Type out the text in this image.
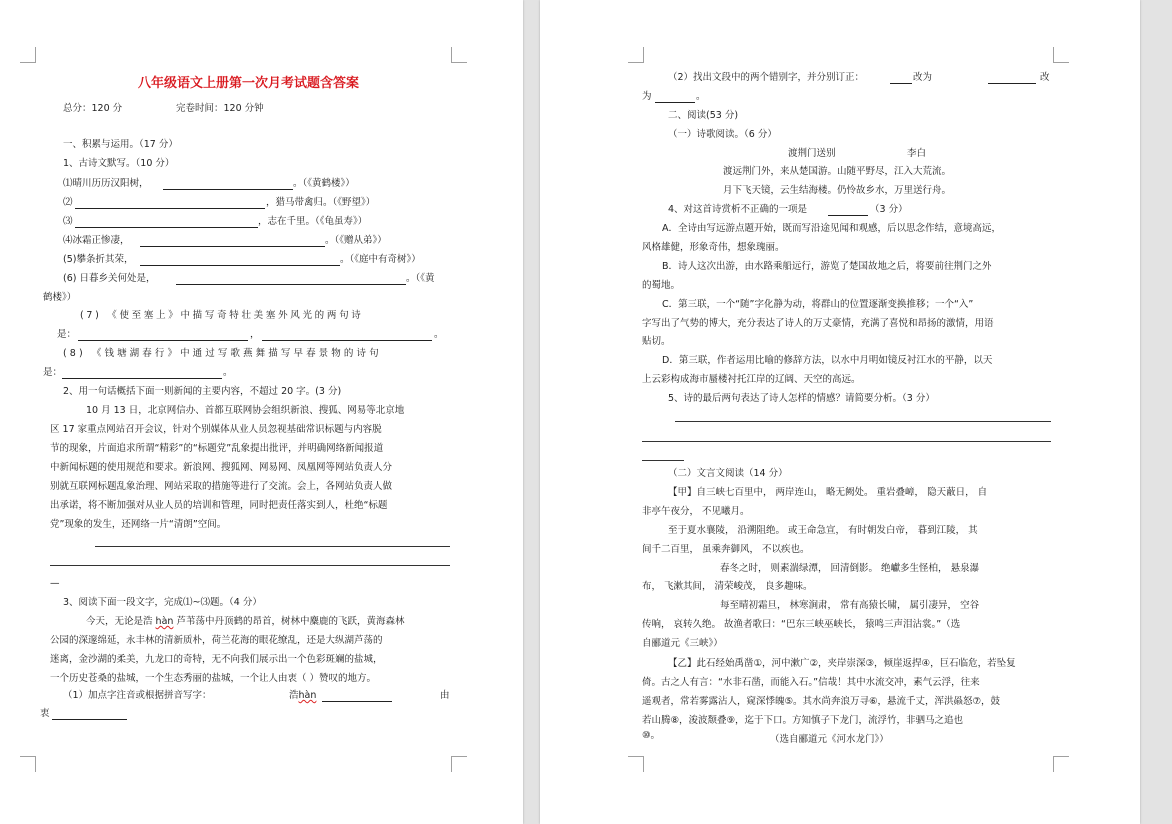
八年级语文上册第一次月考试题含答案
总分：120 分	完卷时间：120 分钟
一、积累与运用。（17 分）
1、古诗文默写。（10 分）
⑴晴川历历汉阳树，	。（《黄鹤楼》）
⑵	，猎马带禽归。（《野望》）
⑶	，志在千里。（《龟虽寿》）
⑷冰霜正惨凄，	。（《赠从弟》）
(5)攀条折其荣，	。（《庭中有奇树》）
(6) 日暮乡关何处是，	。（《黄
鹤楼》）
(7) 《使至塞上》中描写奇特壮美塞外风光的两句诗
是：	，	。
(8) 《钱塘湖春行》中通过写歌燕舞描写早春景物的诗句
是：	。
2、用一句话概括下面一则新闻的主要内容，不超过 20 字。(3 分)
10 月 13 日，北京网信办、首都互联网协会组织新浪、搜狐、网易等北京地
区 17 家重点网站召开会议，针对个别媒体从业人员忽视基础常识标题与内容脱
节的现象，片面追求所谓“精彩”的“标题党”乱象提出批评，并明确网络新闻报道
中新闻标题的使用规范和要求。新浪网、搜狐网、网易网、凤凰网等网站负责人分
别就互联网标题乱象治理、网站采取的措施等进行了交流。会上，各网站负责人做
出承诺，将不断加强对从业人员的培训和管理，同时把责任落实到人，杜绝“标题
党”现象的发生，还网络一片“清朗”空间。
—
3、阅读下面一段文字，完成⑴~⑶题。（4 分）
今天，无论是浩 hàn 芦苇荡中丹顶鹤的昂首，树林中麋鹿的飞跃，黄海森林
公园的深邃绵延，永丰林的清新质朴，荷兰花海的眼花缭乱，还是大纵湖芦荡的
迷离，金沙湖的柔美，九龙口的奇特，无不向我们展示出一个色彩斑斓的盐城，
一个历史苍桑的盐城，一个生态秀丽的盐城，一个让人由衷（ ）赞叹的地方。
（1）加点字注音或根据拼音写字：	浩hàn	由
衷
（2）找出文段中的两个错别字，并分别订正：	改为	改
为	。
二、阅读(53 分)
（一）诗歌阅读。（6 分）
渡荆门送别	李白
渡远荆门外，来从楚国游。山随平野尽，江入大荒流。
月下飞天镜，云生结海楼。仍怜故乡水，万里送行舟。
4、对这首诗赏析不正确的一项是	（3 分）
A．全诗由写远游点题开始，既而写沿途见闻和观感，后以思念作结，意境高远，
风格雄健，形象奇伟，想象瑰丽。
B．诗人这次出游，由水路乘船远行，游览了楚国故地之后，将要前往荆门之外
的蜀地。
C．第三联，一个“随”字化静为动，将群山的位置逐渐变换推移；一个“入”
字写出了气势的博大，充分表达了诗人的万丈豪情，充满了喜悦和昂扬的激情，用语
贴切。
D．第三联，作者运用比喻的修辞方法，以水中月明如镜反衬江水的平静，以天
上云彩构成海市蜃楼衬托江岸的辽阔、天空的高远。
5、诗的最后两句表达了诗人怎样的情感？请简要分析。（3 分）
（二）文言文阅读（14 分）
【甲】自三峡七百里中， 两岸连山， 略无阙处。 重岩叠嶂， 隐天蔽日， 自
非亭午夜分， 不见曦月。
至于夏水襄陵， 沿溯阻绝。 或王命急宣， 有时朝发白帝， 暮到江陵， 其
间千二百里， 虽乘奔御风， 不以疾也。
春冬之时， 则素湍绿潭， 回清倒影。 绝巘多生怪柏， 悬泉瀑
布， 飞漱其间， 清荣峻茂， 良多趣味。
每至晴初霜旦， 林寒涧肃， 常有高猿长啸， 属引凄异， 空谷
传响， 哀转久绝。 故渔者歌曰：“巴东三峡巫峡长， 猿鸣三声泪沾裳。”（选
自郦道元《三峡》）
【乙】此石经始禹凿①，河中漱广②，夹岸崇深③，倾崖返捍④，巨石临危，若坠复
倚。古之人有言：“水非石凿，而能入石。”信哉！其中水流交冲，素气云浮，往来
遥观者，常若雾露沾人，窥深悸魄⑤。其水尚奔浪万寻⑥，悬流千丈，浑洪赑怒⑦，鼓
若山腾⑧，浚波颓叠⑨，迄于下口。方知慎子下龙门，流浮竹，非驷马之追也
⑩。	（选自郦道元《河水龙门》）
